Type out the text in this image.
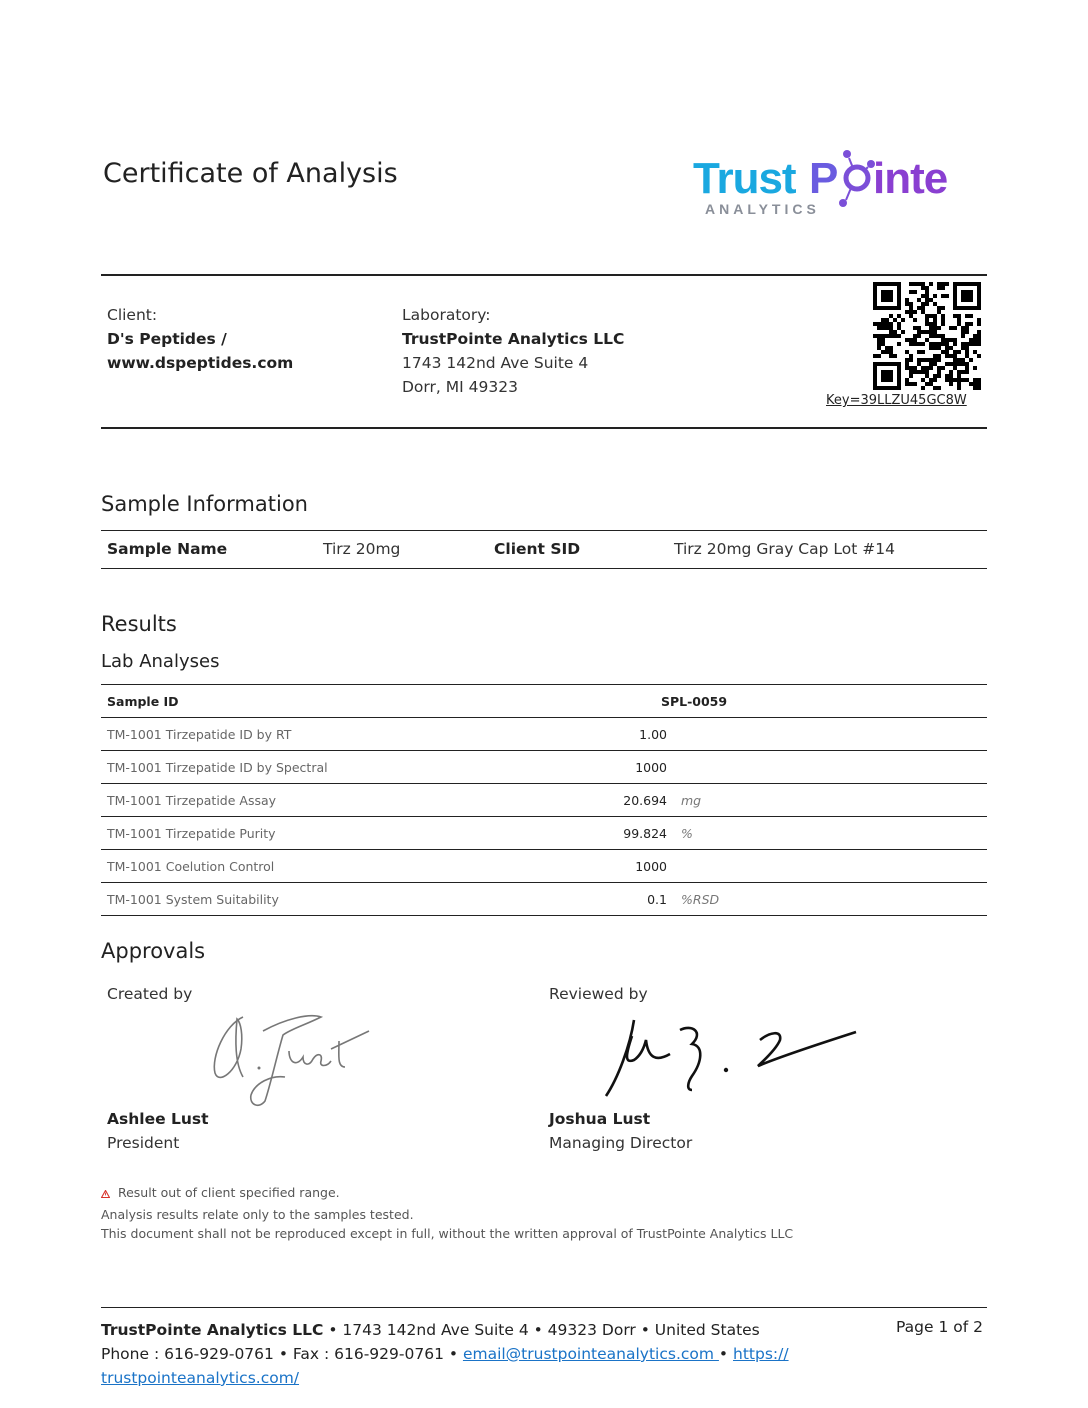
Certificate of Analysis	Trust P inte
ANALYTICS
Client:
D's Peptides /
www.dspeptides.com
Laboratory:
TrustPointe Analytics LLC
1743 142nd Ave Suite 4
Dorr, MI 49323
Key=39LLZU45GC8W
Sample Information
Sample Name	Tirz 20mg	Client SID	Tirz 20mg Gray Cap Lot #14
Results
Lab Analyses
Sample ID	SPL-0059	
TM-1001 Tirzepatide ID by RT	1.00	
TM-1001 Tirzepatide ID by Spectral	1000	
TM-1001 Tirzepatide Assay	20.694	mg
TM-1001 Tirzepatide Purity	99.824	%
TM-1001 Coelution Control	1000	
TM-1001 System Suitability	0.1	%RSD
Approvals
Created by
Ashlee Lust
President
Reviewed by
Joshua Lust
Managing Director
Result out of client specified range.
Analysis results relate only to the samples tested.
This document shall not be reproduced except in full, without the written approval of TrustPointe Analytics LLC
TrustPointe Analytics LLC • 1743 142nd Ave Suite 4 • 49323 Dorr • United States
Phone : 616-929-0761 • Fax : 616-929-0761 • email@trustpointeanalytics.com • https://
trustpointeanalytics.com/
Page 1 of 2
